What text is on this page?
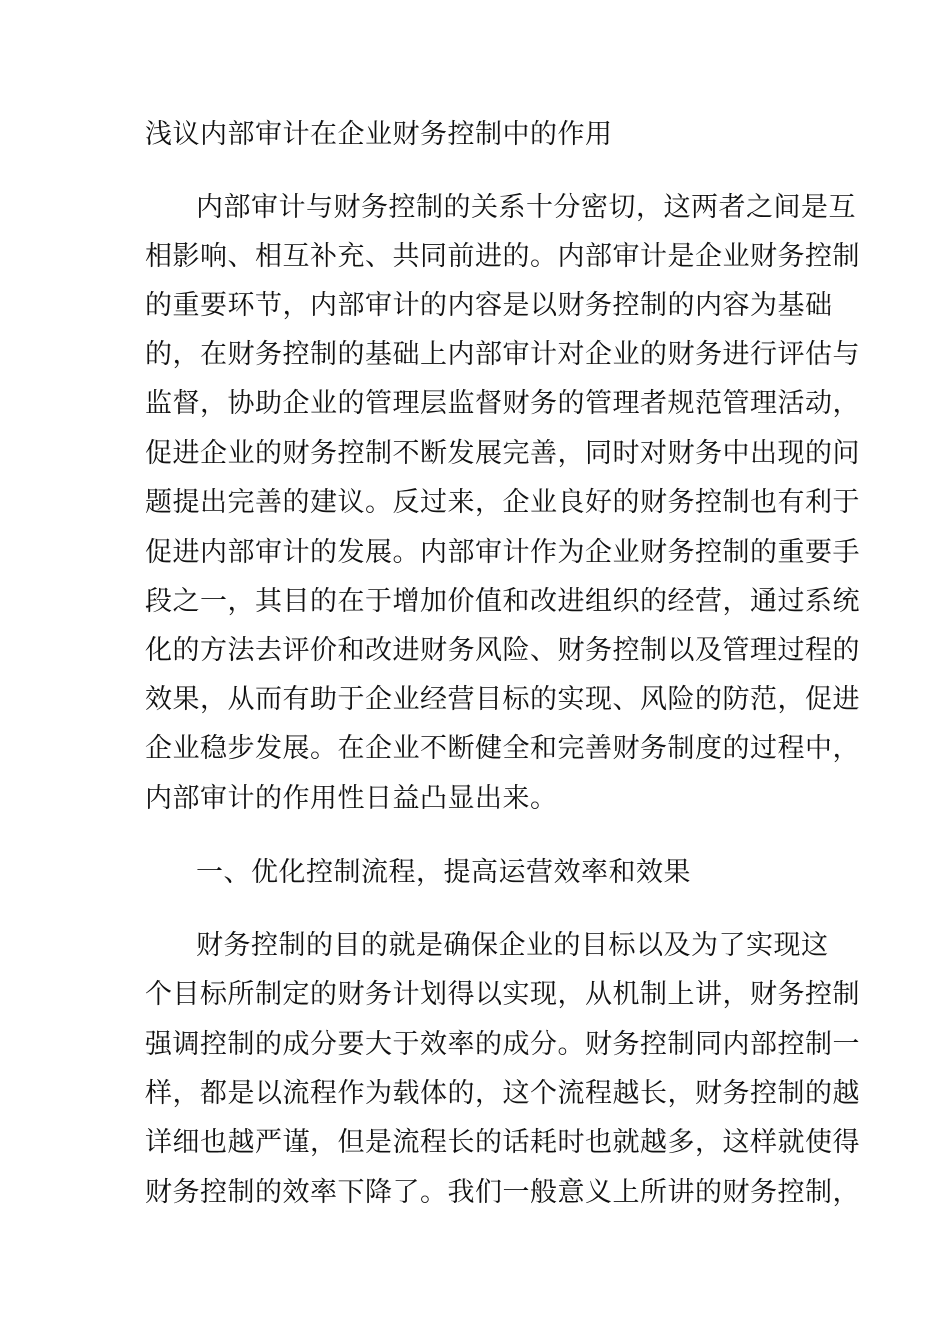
浅议内部审计在企业财务控制中的作用
内部审计与财务控制的关系十分密切，这两者之间是互
相影响、相互补充、共同前进的。内部审计是企业财务控制
的重要环节，内部审计的内容是以财务控制的内容为基础
的，在财务控制的基础上内部审计对企业的财务进行评估与
监督，协助企业的管理层监督财务的管理者规范管理活动，
促进企业的财务控制不断发展完善，同时对财务中出现的问
题提出完善的建议。反过来，企业良好的财务控制也有利于
促进内部审计的发展。内部审计作为企业财务控制的重要手
段之一，其目的在于增加价值和改进组织的经营，通过系统
化的方法去评价和改进财务风险、财务控制以及管理过程的
效果，从而有助于企业经营目标的实现、风险的防范，促进
企业稳步发展。在企业不断健全和完善财务制度的过程中，
内部审计的作用性日益凸显出来。
一、优化控制流程，提高运营效率和效果
财务控制的目的就是确保企业的目标以及为了实现这
个目标所制定的财务计划得以实现，从机制上讲，财务控制
强调控制的成分要大于效率的成分。财务控制同内部控制一
样，都是以流程作为载体的，这个流程越长，财务控制的越
详细也越严谨，但是流程长的话耗时也就越多，这样就使得
财务控制的效率下降了。我们一般意义上所讲的财务控制，
